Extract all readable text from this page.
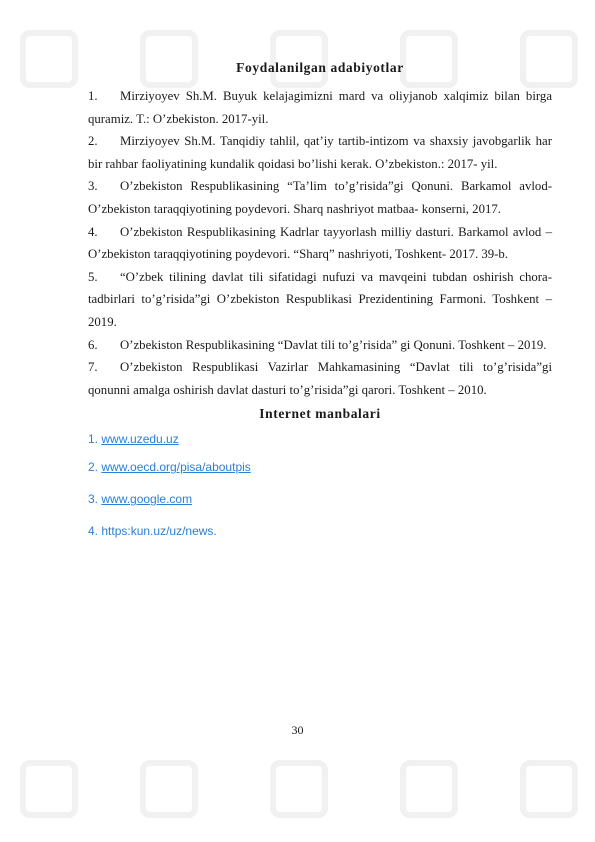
Foydalanilgan adabiyotlar

1. Mirziyoyev Sh.M. Buyuk kelajagimizni mard va oliyjanob xalqimiz bilan birga quramiz. T.: O’zbekiston. 2017-yil.

2. Mirziyoyev Sh.M. Tanqidiy tahlil, qat’iy tartib-intizom va shaxsiy javobgarlik har bir rahbar faoliyatining kundalik qoidasi bo’lishi kerak. O’zbekiston.: 2017- yil.

3. O’zbekiston Respublikasining “Ta’lim to’g’risida”gi Qonuni. Barkamol avlod- O’zbekiston taraqqiyotining poydevori. Sharq nashriyot matbaa- konserni, 2017.

4. O’zbekiston Respublikasining Kadrlar tayyorlash milliy dasturi. Barkamol avlod – O’zbekiston taraqqiyotining poydevori. “Sharq” nashriyoti, Toshkent- 2017. 39-b.

5. “O’zbek tilining davlat tili sifatidagi nufuzi va mavqeini tubdan oshirish chora- tadbirlari to’g’risida”gi O’zbekiston Respublikasi Prezidentining Farmoni. Toshkent – 2019.

6. O’zbekiston Respublikasining “Davlat tili to’g’risida” gi Qonuni. Toshkent – 2019.

7. O’zbekiston Respublikasi Vazirlar Mahkamasining “Davlat tili to’g’risida”gi qonunni amalga oshirish davlat dasturi to’g’risida”gi qarori. Toshkent – 2010.

Internet manbalari

1. www.uzedu.uz

2. www.oecd.org/pisa/aboutpis

3. www.google.com

4. https:kun.uz/uz/news.

30
